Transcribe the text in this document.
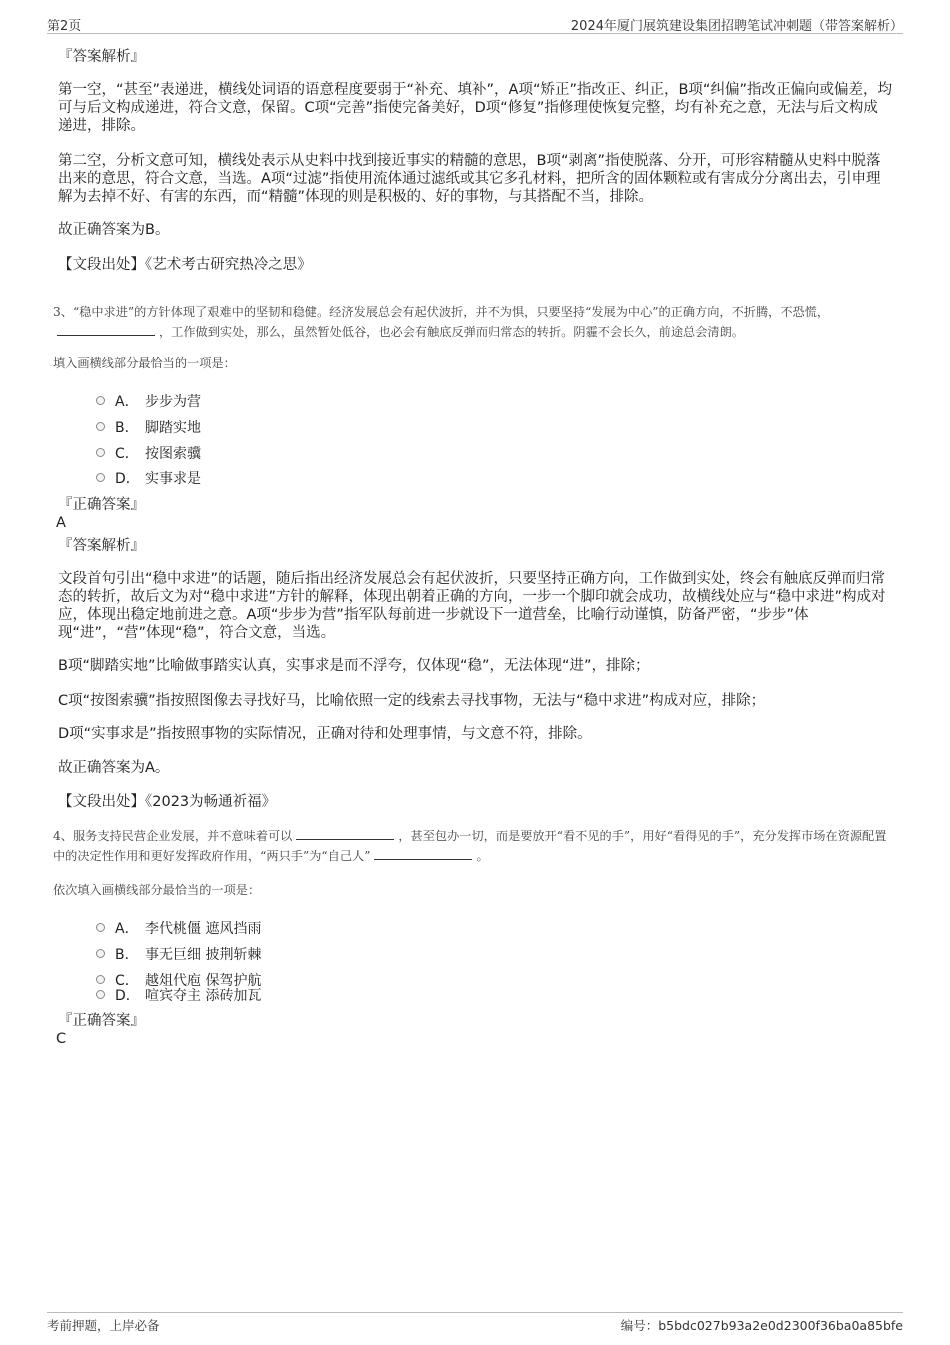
第2页	2024年厦门展筑建设集团招聘笔试冲刺题（带答案解析）
『答案解析』
第一空，“甚至”表递进，横线处词语的语意程度要弱于“补充、填补”，A项“矫正”指改正、纠正，B项“纠偏”指改正偏向或偏差，均可与后文构成递进，符合文意，保留。C项“完善”指使完备美好，D项“修复”指修理使恢复完整，均有补充之意，无法与后文构成递进，排除。
第二空，分析文意可知，横线处表示从史料中找到接近事实的精髓的意思，B项“剥离”指使脱落、分开，可形容精髓从史料中脱落出来的意思，符合文意，当选。A项“过滤”指使用流体通过滤纸或其它多孔材料，把所含的固体颗粒或有害成分分离出去，引申理解为去掉不好、有害的东西，而“精髓”体现的则是积极的、好的事物，与其搭配不当，排除。
故正确答案为B。
【文段出处】《艺术考古研究热冷之思》
3、“稳中求进”的方针体现了艰难中的坚韧和稳健。经济发展总会有起伏波折，并不为惧，只要坚持“发展为中心”的正确方向，不折腾，不恐慌，，工作做到实处，那么，虽然暂处低谷，也必会有触底反弹而归常态的转折。阴霾不会长久，前途总会清朗。
填入画横线部分最恰当的一项是：
A． 步步为营
B． 脚踏实地
C． 按图索骥
D． 实事求是
『正确答案』
A
『答案解析』
文段首句引出“稳中求进”的话题，随后指出经济发展总会有起伏波折，只要坚持正确方向，工作做到实处，终会有触底反弹而归常态的转折，故后文为对“稳中求进”方针的解释，体现出朝着正确的方向，一步一个脚印就会成功，故横线处应与“稳中求进”构成对应，体现出稳定地前进之意。A项“步步为营”指军队每前进一步就设下一道营垒，比喻行动谨慎，防备严密，“步步”体现“进”，“营”体现“稳”，符合文意，当选。
B项“脚踏实地”比喻做事踏实认真，实事求是而不浮夸，仅体现“稳”，无法体现“进”，排除；
C项“按图索骥”指按照图像去寻找好马，比喻依照一定的线索去寻找事物，无法与“稳中求进”构成对应，排除；
D项“实事求是”指按照事物的实际情况，正确对待和处理事情，与文意不符，排除。
故正确答案为A。
【文段出处】《2023为畅通祈福》
4、服务支持民营企业发展，并不意味着可以	，甚至包办一切，而是要放开“看不见的手”，用好“看得见的手”，充分发挥市场在资源配置中的决定性作用和更好发挥政府作用，“两只手”为“自己人”	。
依次填入画横线部分最恰当的一项是：
A． 李代桃僵 遮风挡雨
B． 事无巨细 披荆斩棘
C． 越俎代庖 保驾护航
D． 喧宾夺主 添砖加瓦
『正确答案』
C
考前押题，上岸必备	编号：b5bdc027b93a2e0d2300f36ba0a85bfe
